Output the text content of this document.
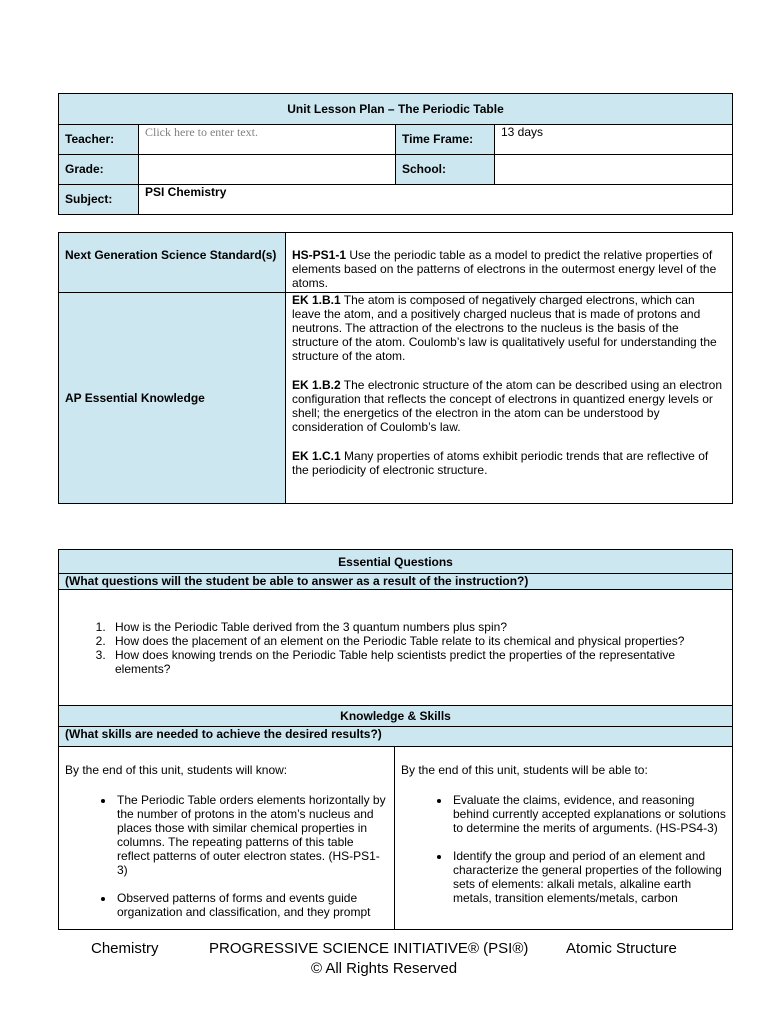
Unit Lesson Plan – The Periodic Table			
Teacher:	Click here to enter text.	Time Frame:	13 days
Grade:		School:	
Subject:	PSI Chemistry		
Next Generation Science Standard(s)	HS-PS1-1 Use the periodic table as a model to predict the relative properties of elements based on the patterns of electrons in the outermost energy level of the atoms.
AP Essential Knowledge	EK 1.B.1 The atom is composed of negatively charged electrons, which can leave the atom, and a positively charged nucleus that is made of protons and neutrons. The attraction of the electrons to the nucleus is the basis of the structure of the atom. Coulomb’s law is qualitatively useful for understanding the structure of the atom.

EK 1.B.2 The electronic structure of the atom can be described using an electron configuration that reflects the concept of electrons in quantized energy levels or shell; the energetics of the electron in the atom can be understood by consideration of Coulomb’s law.

EK 1.C.1 Many properties of atoms exhibit periodic trends that are reflective of the periodicity of electronic structure.

Essential Questions
(What questions will the student be able to answer as a result of the instruction?)

1. How is the Periodic Table derived from the 3 quantum numbers plus spin?
2. How does the placement of an element on the Periodic Table relate to its chemical and physical properties?
3. How does knowing trends on the Periodic Table help scientists predict the properties of the representative elements?

Knowledge & Skills
(What skills are needed to achieve the desired results?)

By the end of this unit, students will know:
• The Periodic Table orders elements horizontally by the number of protons in the atom’s nucleus and places those with similar chemical properties in columns. The repeating patterns of this table reflect patterns of outer electron states. (HS-PS1-3)
• Observed patterns of forms and events guide organization and classification, and they prompt

By the end of this unit, students will be able to:
• Evaluate the claims, evidence, and reasoning behind currently accepted explanations or solutions to determine the merits of arguments. (HS-PS4-3)
• Identify the group and period of an element and characterize the general properties of the following sets of elements: alkali metals, alkaline earth metals, transition elements/metals, carbon
Chemistry	PROGRESSIVE SCIENCE INITIATIVE® (PSI®)	Atomic Structure
© All Rights Reserved
